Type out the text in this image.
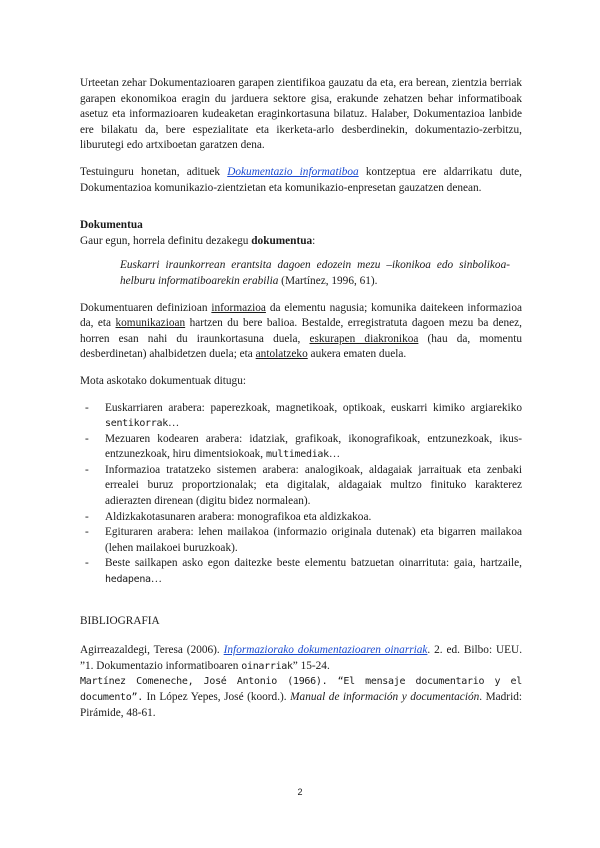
Urteetan zehar Dokumentazioaren garapen zientifikoa gauzatu da eta, era berean, zientzia berriak garapen ekonomikoa eragin du jarduera sektore gisa, erakunde zehatzen behar informatiboak asetuz eta informazioaren kudeaketan eraginkortasuna bilatuz. Halaber, Dokumentazioa lanbide ere bilakatu da, bere espezialitate eta ikerketa-arlo desberdinekin, dokumentazio-zerbitzu, liburutegi edo artxiboetan garatzen dena.

Testuinguru honetan, adituek Dokumentazio informatiboa kontzeptua ere aldarrikatu dute, Dokumentazioa komunikazio-zientzietan eta komunikazio-enpresetan gauzatzen denean.

Dokumentua

Gaur egun, horrela definitu dezakegu dokumentua:

Euskarri iraunkorrean erantsita dagoen edozein mezu –ikonikoa edo sinbolikoa-helburu informatiboarekin erabilia (Martínez, 1996, 61).

Dokumentuaren definizioan informazioa da elementu nagusia; komunika daitekeen informazioa da, eta komunikazioan hartzen du bere balioa. Bestalde, erregistratuta dagoen mezu ba denez, horren esan nahi du iraunkortasuna duela, eskurapen diakronikoa (hau da, momentu desberdinetan) ahalbidetzen duela; eta antolatzeko aukera ematen duela.

Mota askotako dokumentuak ditugu:

- Euskarriaren arabera: paperezkoak, magnetikoak, optikoak, euskarri kimiko argiarekiko sentikorrak…
- Mezuaren kodearen arabera: idatziak, grafikoak, ikonografikoak, entzunezkoak, ikus-entzunezkoak, hiru dimentsiokoak, multimediak…
- Informazioa tratatzeko sistemen arabera: analogikoak, aldagaiak jarraituak eta zenbaki errealei buruz proportzionalak; eta digitalak, aldagaiak multzo finituko karakterez adierazten direnean (digitu bidez normalean).
- Aldizkakotasunaren arabera: monografikoa eta aldizkakoa.
- Egituraren arabera: lehen mailakoa (informazio originala dutenak) eta bigarren mailakoa (lehen mailakoei buruzkoak).
- Beste sailkapen asko egon daitezke beste elementu batzuetan oinarrituta: gaia, hartzaile, hedapena…

BIBLIOGRAFIA

Agirreazaldegi, Teresa (2006). Informaziorako dokumentazioaren oinarriak. 2. ed. Bilbo: UEU. ”1. Dokumentazio informatiboaren oinarriak” 15-24.

Martínez Comeneche, José Antonio (1966). “El mensaje documentario y el documento”. In López Yepes, José (koord.). Manual de información y documentación. Madrid: Pirámide, 48-61.

2
